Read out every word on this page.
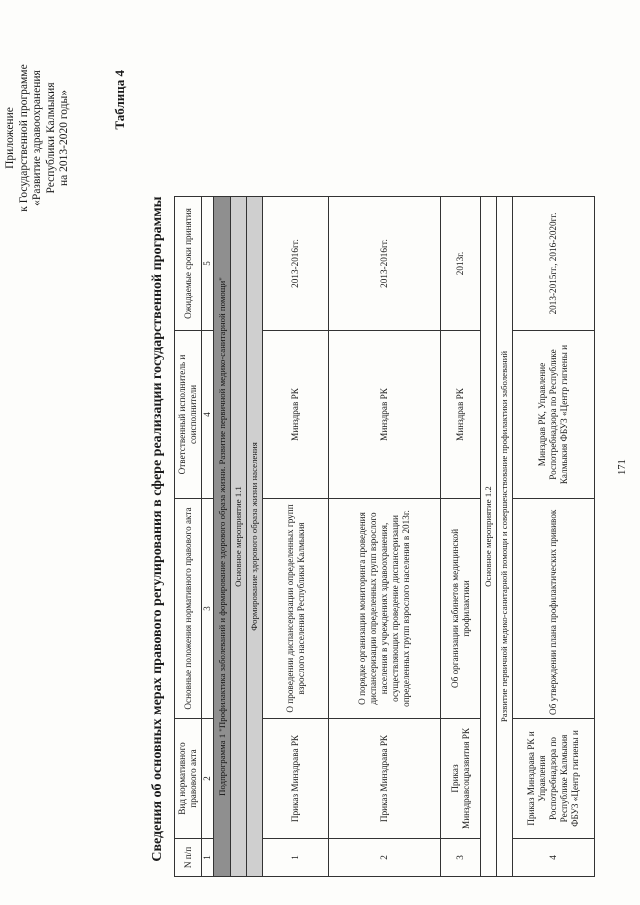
Приложение к Государственной программе «Развитие здравоохранения Республики Калмыкия на 2013-2020 годы»	Таблица 4
Сведения об основных мерах правового регулирования в сфере реализации государственной программы N п/п	Вид нормативного правового акта	Основные положения нормативного правового акта	Ответственный исполнитель и соисполнители	Ожидаемые сроки принятия
1	2	3	4	5
Подпрограмма 1 "Профилактика заболеваний и формирование здорового образа жизни. Развитие первичной медико-санитарной помощи"				
Основное мероприятие 1.1				
Формирование здорового образа жизни населения				
1	Приказ Минздрава РК	О проведении диспансеризации определенных групп взрослого населения Республики Калмыкия	Минздрав РК	2013-2016гг.
2	Приказ Минздрава РК	О порядке организации мониторинга проведения диспансеризации определенных групп взрослого населения в учреждениях здравоохранения, осуществляющих проведение диспансеризации определенных групп взрослого населения в 2013г.	Минздрав РК	2013-2016гг.
3	Приказ Минздравсоцразвития РК	Об организации кабинетов медицинской профилактики	Минздрав РК	2013г.
Основное мероприятие 1.2				
Развитие первичной медико-санитарной помощи и совершенствование профилактики заболеваний				
4	Приказ Минздрава РК и Управления Роспотребнадзора по Республике Калмыкия ФБУЗ «Центр гигиены и	Об утверждении плана профилактических прививок	Минздрав РК, Управление Роспотребнадзора по Республике Калмыкия ФБУЗ «Центр гигиены и	2013-2015гг., 2016-2020гг.
171
